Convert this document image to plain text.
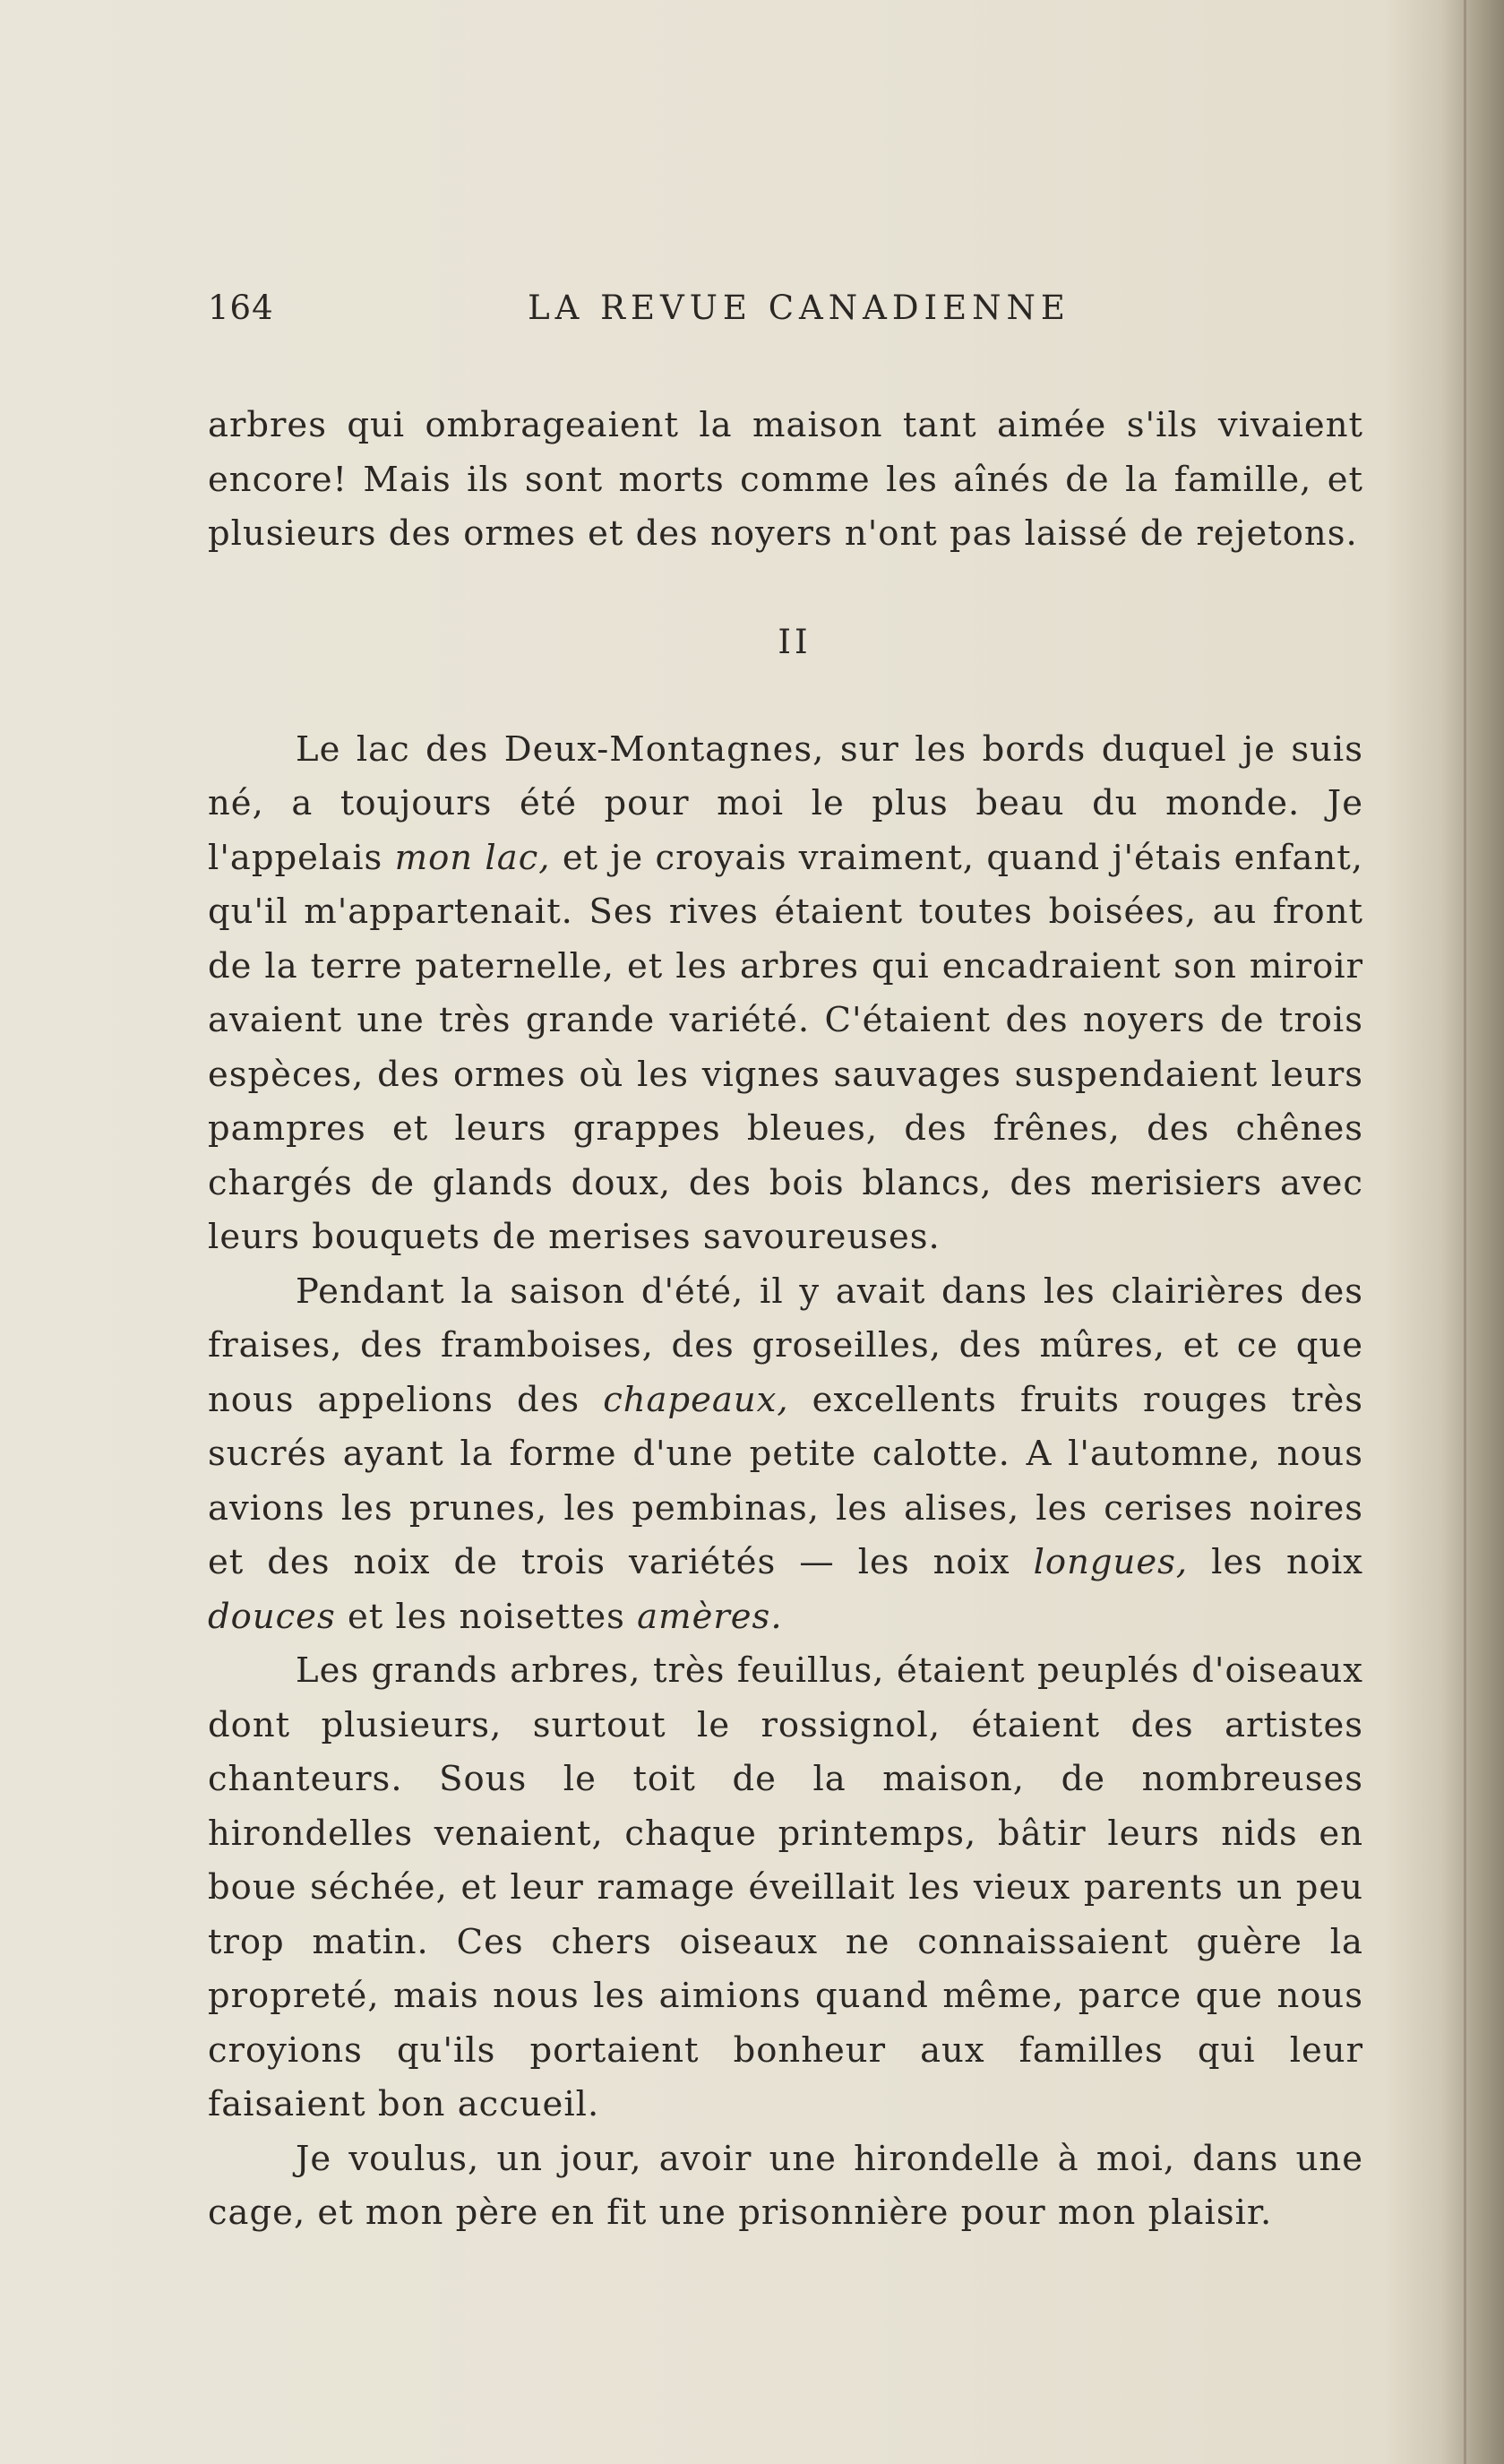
164	LA REVUE CANADIENNE

arbres qui ombrageaient la maison tant aimée s'ils vivaient encore! Mais ils sont morts comme les aînés de la famille, et plusieurs des ormes et des noyers n'ont pas laissé de rejetons.

II

Le lac des Deux-Montagnes, sur les bords duquel je suis né, a toujours été pour moi le plus beau du monde. Je l'appelais mon lac, et je croyais vraiment, quand j'étais enfant, qu'il m'appartenait. Ses rives étaient toutes boisées, au front de la terre paternelle, et les arbres qui encadraient son miroir avaient une très grande variété. C'étaient des noyers de trois espèces, des ormes où les vignes sauvages suspendaient leurs pampres et leurs grappes bleues, des frênes, des chênes chargés de glands doux, des bois blancs, des merisiers avec leurs bouquets de merises savoureuses.

Pendant la saison d'été, il y avait dans les clairières des fraises, des framboises, des groseilles, des mûres, et ce que nous appelions des chapeaux, excellents fruits rouges très sucrés ayant la forme d'une petite calotte. A l'automne, nous avions les prunes, les pembinas, les alises, les cerises noires et des noix de trois variétés — les noix longues, les noix douces et les noisettes amères.

Les grands arbres, très feuillus, étaient peuplés d'oiseaux dont plusieurs, surtout le rossignol, étaient des artistes chanteurs. Sous le toit de la maison, de nombreuses hirondelles venaient, chaque printemps, bâtir leurs nids en boue séchée, et leur ramage éveillait les vieux parents un peu trop matin. Ces chers oiseaux ne connaissaient guère la propreté, mais nous les aimions quand même, parce que nous croyions qu'ils portaient bonheur aux familles qui leur faisaient bon accueil.

Je voulus, un jour, avoir une hirondelle à moi, dans une cage, et mon père en fit une prisonnière pour mon plaisir.
